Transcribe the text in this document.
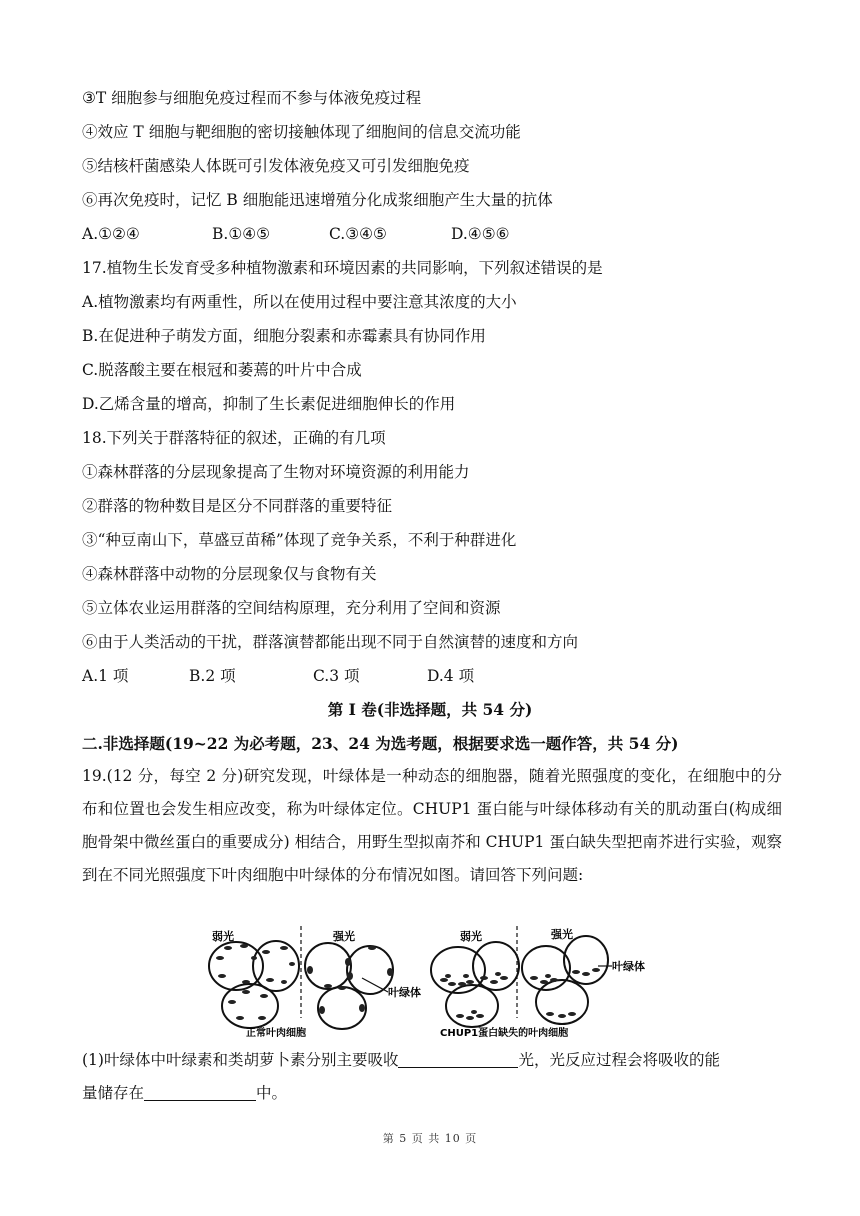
③T 细胞参与细胞免疫过程而不参与体液免疫过程
④效应 T 细胞与靶细胞的密切接触体现了细胞间的信息交流功能
⑤结核杆菌感染人体既可引发体液免疫又可引发细胞免疫
⑥再次免疫时，记忆 B 细胞能迅速增殖分化成浆细胞产生大量的抗体
A.①②④	B.①④⑤	C.③④⑤	D.④⑤⑥
17.植物生长发育受多种植物激素和环境因素的共同影响，下列叙述错误的是
A.植物激素均有两重性，所以在使用过程中要注意其浓度的大小
B.在促进种子萌发方面，细胞分裂素和赤霉素具有协同作用
C.脱落酸主要在根冠和萎蔫的叶片中合成
D.乙烯含量的增高，抑制了生长素促进细胞伸长的作用
18.下列关于群落特征的叙述，正确的有几项
①森林群落的分层现象提高了生物对环境资源的利用能力
②群落的物种数目是区分不同群落的重要特征
③“种豆南山下，草盛豆苗稀”体现了竞争关系，不利于种群进化
④森林群落中动物的分层现象仅与食物有关
⑤立体农业运用群落的空间结构原理，充分利用了空间和资源
⑥由于人类活动的干扰，群落演替都能出现不同于自然演替的速度和方向
A.1 项	B.2 项	C.3 项	D.4 项
第 I 卷(非选择题，共 54 分)
二.非选择题(19~22 为必考题，23、24 为选考题，根据要求选一题作答，共 54 分)
19.(12 分，每空 2 分)研究发现，叶绿体是一种动态的细胞器，随着光照强度的变化，在细胞中的分布和位置也会发生相应改变，称为叶绿体定位。CHUP1 蛋白能与叶绿体移动有关的肌动蛋白(构成细胞骨架中微丝蛋白的重要成分) 相结合，用野生型拟南芥和 CHUP1 蛋白缺失型把南芥进行实验，观察到在不同光照强度下叶肉细胞中叶绿体的分布情况如图。请回答下列问题:
弱光	强光
叶绿体
正常叶肉细胞
弱光	强光
叶绿体
CHUP1蛋白缺失的叶肉细胞
(1)叶绿体中叶绿素和类胡萝卜素分别主要吸收	光，光反应过程会将吸收的能
量储存在	中。
第 5 页 共 10 页
